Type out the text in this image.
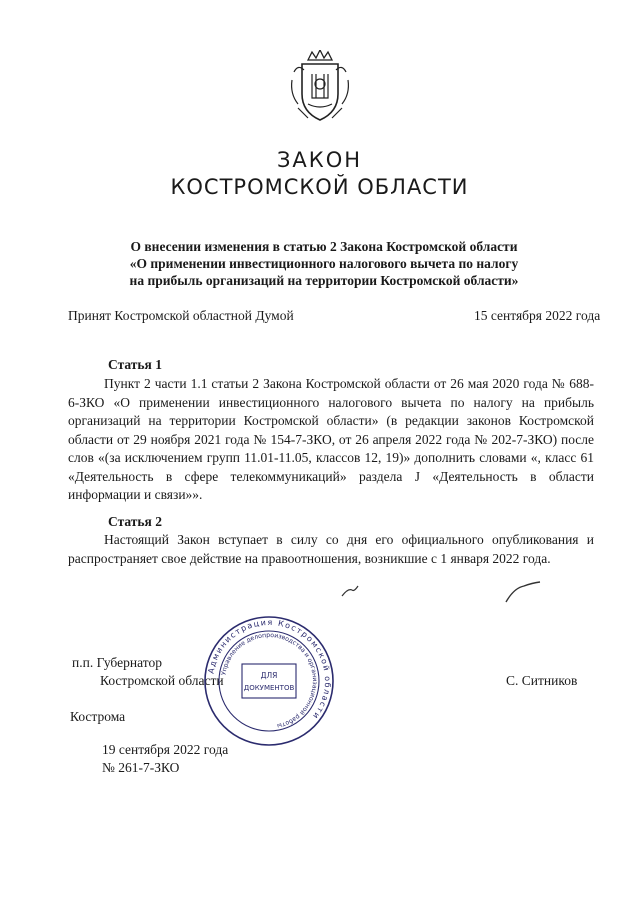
ЗАКОН
КОСТРОМСКОЙ ОБЛАСТИ
О внесении изменения в статью 2 Закона Костромской области
«О применении инвестиционного налогового вычета по налогу
на прибыль организаций на территории Костромской области»
Принят Костромской областной Думой	15 сентября 2022 года
Статья 1
Пункт 2 части 1.1 статьи 2 Закона Костромской области от 26 мая 2020 года № 688-6-ЗКО «О применении инвестиционного налогового вычета по налогу на прибыль организаций на территории Костромской области» (в редакции законов Костромской области от 29 ноября 2021 года № 154-7-ЗКО, от 26 апреля 2022 года № 202-7-ЗКО) после слов «(за исключением групп 11.01-11.05, классов 12, 19)» дополнить словами «, класс 61 «Деятельность в сфере телекоммуникаций» раздела J «Деятельность в области информации и связи»».
Статья 2
Настоящий Закон вступает в силу со дня его официального опубликования и распространяет свое действие на правоотношения, возникшие с 1 января 2022 года.
п.п. Губернатор
Костромской области	С. Ситников
Администрация Костромской области
Управление делопроизводства и организационной работы
ДЛЯ
ДОКУМЕНТОВ
Кострома
19 сентября 2022 года
№ 261-7-ЗКО
